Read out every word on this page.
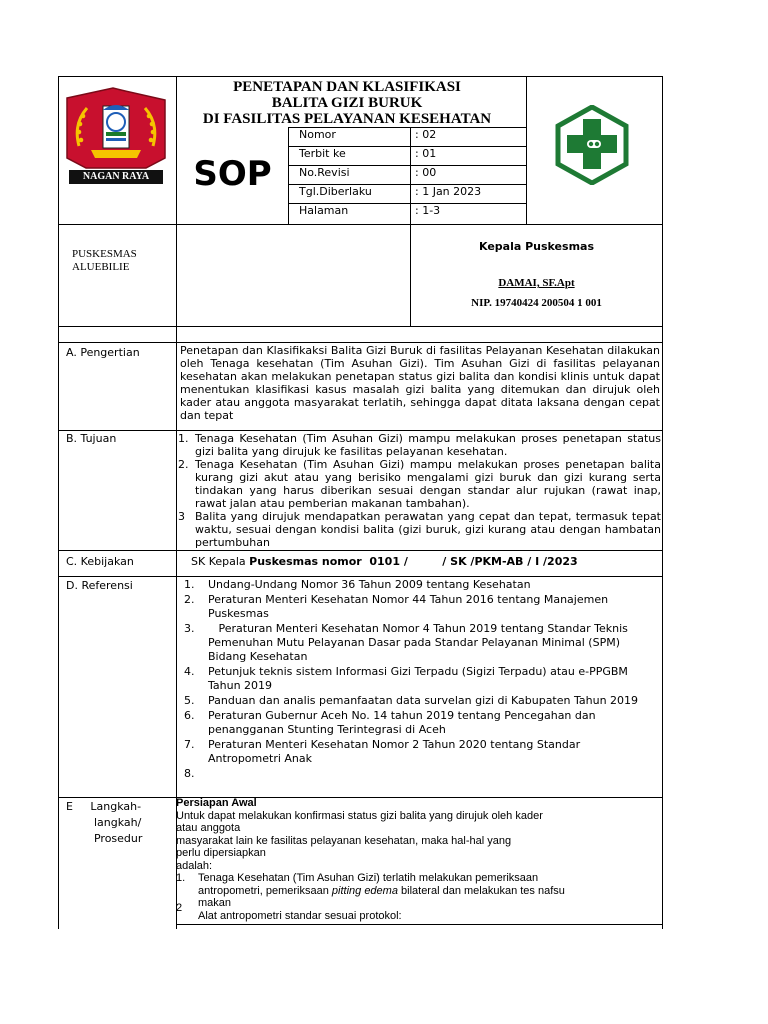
NAGAN RAYA
PENETAPAN DAN KLASIFIKASI
BALITA GIZI BURUK
DI FASILITAS PELAYANAN KESEHATAN
SOP
Nomor	: 02
Terbit ke	: 01
No.Revisi	: 00
Tgl.Diberlaku	: 1 Jan 2023
Halaman	: 1-3
PUSKESMAS
ALUEBILIE
Kepala Puskesmas
DAMAI, SF.Apt
NIP. 19740424 200504 1 001
A. Pengertian	Penetapan dan Klasifikaksi Balita Gizi Buruk di fasilitas Pelayanan Kesehatan dilakukan oleh Tenaga kesehatan (Tim Asuhan Gizi). Tim Asuhan Gizi di fasilitas pelayanan kesehatan akan melakukan penetapan status gizi balita dan kondisi klinis untuk dapat menentukan klasifikasi kasus masalah gizi balita yang ditemukan dan dirujuk oleh kader atau anggota masyarakat terlatih, sehingga dapat ditata laksana dengan cepat dan tepat
B. Tujuan	1. Tenaga Kesehatan (Tim Asuhan Gizi) mampu melakukan proses penetapan status gizi balita yang dirujuk ke fasilitas pelayanan kesehatan.
2. Tenaga Kesehatan (Tim Asuhan Gizi) mampu melakukan proses penetapan balita kurang gizi akut atau yang berisiko mengalami gizi buruk dan gizi kurang serta tindakan yang harus diberikan sesuai dengan standar alur rujukan (rawat inap, rawat jalan atau pemberian makanan tambahan).
3 Balita yang dirujuk mendapatkan perawatan yang cepat dan tepat, termasuk tepat waktu, sesuai dengan kondisi balita (gizi buruk, gizi kurang atau dengan hambatan pertumbuhan
C. Kebijakan	SK Kepala Puskesmas nomor  0101 /         / SK /PKM-AB / I /2023
D. Referensi	1.	Undang-Undang Nomor 36 Tahun 2009 tentang Kesehatan
2.	Peraturan Menteri Kesehatan Nomor 44 Tahun 2016 tentang Manajemen Puskesmas
3.	Peraturan Menteri Kesehatan Nomor 4 Tahun 2019 tentang Standar Teknis Pemenuhan Mutu Pelayanan Dasar pada Standar Pelayanan Minimal (SPM) Bidang Kesehatan
4.	Petunjuk teknis sistem Informasi Gizi Terpadu (Sigizi Terpadu) atau e-PPGBM Tahun 2019
5.	Panduan dan analis pemanfaatan data survelan gizi di Kabupaten Tahun 2019
6.	Peraturan Gubernur Aceh No. 14 tahun 2019 tentang Pencegahan dan penangganan Stunting Terintegrasi di Aceh
7.	Peraturan Menteri Kesehatan Nomor 2 Tahun 2020 tentang Standar Antropometri Anak
8.
E     Langkah-
langkah/
Prosedur
Persiapan Awal
Untuk dapat melakukan konfirmasi status gizi balita yang dirujuk oleh kader
atau anggota
masyarakat lain ke fasilitas pelayanan kesehatan, maka hal-hal yang
perlu dipersiapkan
adalah:
1.	Tenaga Kesehatan (Tim Asuhan Gizi) terlatih melakukan pemeriksaan
antropometri, pemeriksaan pitting edema bilateral dan melakukan tes nafsu
2	makan
Alat antropometri standar sesuai protokol:
